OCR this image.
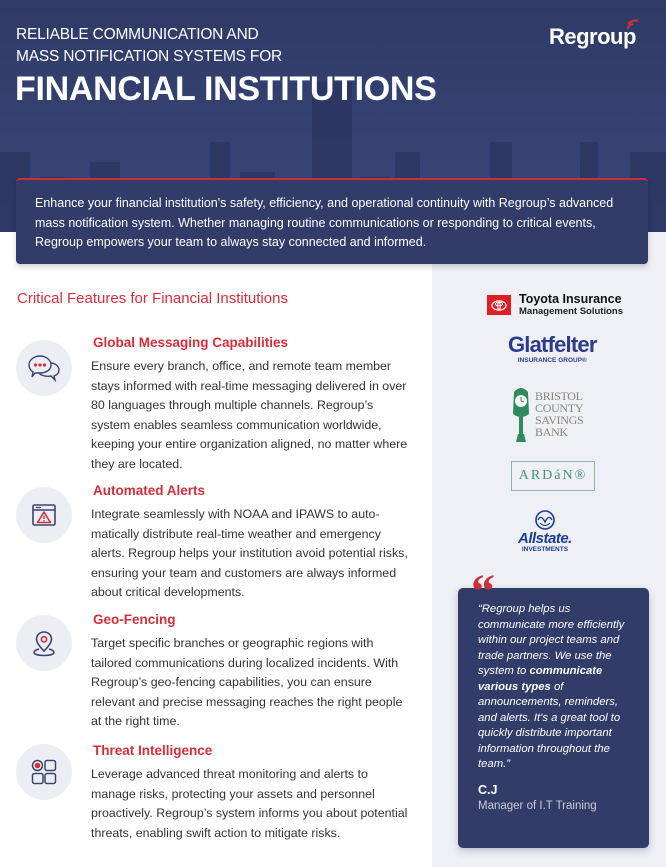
RELIABLE COMMUNICATION AND
MASS NOTIFICATION SYSTEMS FOR
FINANCIAL INSTITUTIONS
Regroup

Enhance your financial institution's safety, efficiency, and operational continuity with Regroup’s advanced mass notification system. Whether managing routine communications or responding to critical events, Regroup empowers your team to always stay connected and informed.

Critical Features for Financial Institutions
Global Messaging Capabilities

Ensure every branch, office, and remote team member stays informed with real-time messaging delivered in over 80 languages through multiple channels. Regroup’s system enables seamless communication worldwide, keeping your entire organization aligned, no matter where they are located.

Automated Alerts

Integrate seamlessly with NOAA and IPAWS to auto-matically distribute real-time weather and emergency alerts. Regroup helps your institution avoid potential risks, ensuring your team and customers are always informed about critical developments.

Geo-Fencing

Target specific branches or geographic regions with tailored communications during localized incidents. With Regroup’s geo-fencing capabilities, you can ensure relevant and precise messaging reaches the right people at the right time.

Threat Intelligence

Leverage advanced threat monitoring and alerts to manage risks, protecting your assets and personnel proactively. Regroup’s system informs you about potential threats, enabling swift action to mitigate risks.

Toyota Insurance
Management Solutions
Glatfelter
INSURANCE GROUP®
BRISTOL
COUNTY
SAVINGS
BANK
ARDáN®
Allstate.
INVESTMENTS

“Regroup helps us communicate more efficiently within our project teams and trade partners. We use the system to communicate various types of announcements, reminders, and alerts. It's a great tool to quickly distribute important information throughout the team.”

C.J
Manager of I.T Training
“
